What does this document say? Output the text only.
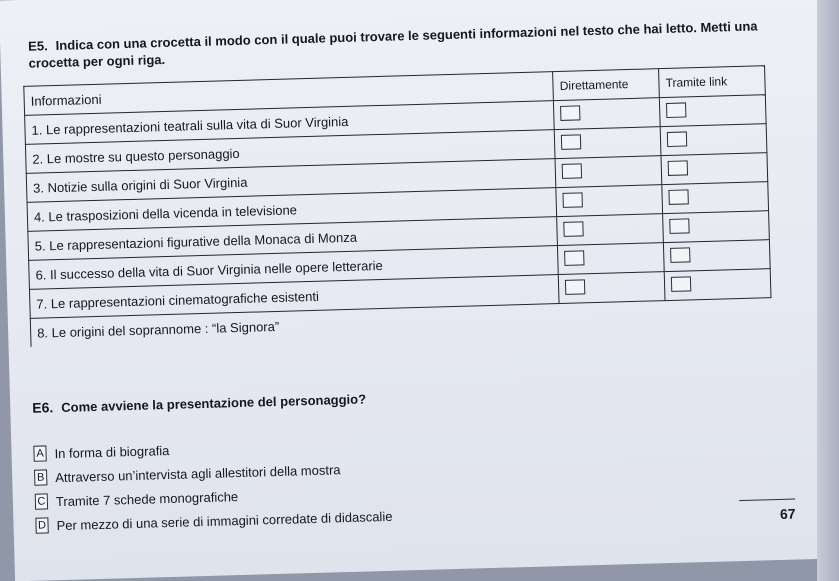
E5. Indica con una crocetta il modo con il quale puoi trovare le seguenti informazioni nel testo che hai letto. Metti una crocetta per ogni riga.
Informazioni	Direttamente	Tramite link
1. Le rappresentazioni teatrali sulla vita di Suor Virginia		
2. Le mostre su questo personaggio		
3. Notizie sulla origini di Suor Virginia		
4. Le trasposizioni della vicenda in televisione		
5. Le rappresentazioni figurative della Monaca di Monza		
6. Il successo della vita di Suor Virginia nelle opere letterarie		
7. Le rappresentazioni cinematografiche esistenti		
8. Le origini del soprannome : “la Signora”		
E6. Come avviene la presentazione del personaggio?
A In forma di biografia
B Attraverso un’intervista agli allestitori della mostra
C Tramite 7 schede monografiche
D Per mezzo di una serie di immagini corredate di didascalie	67
